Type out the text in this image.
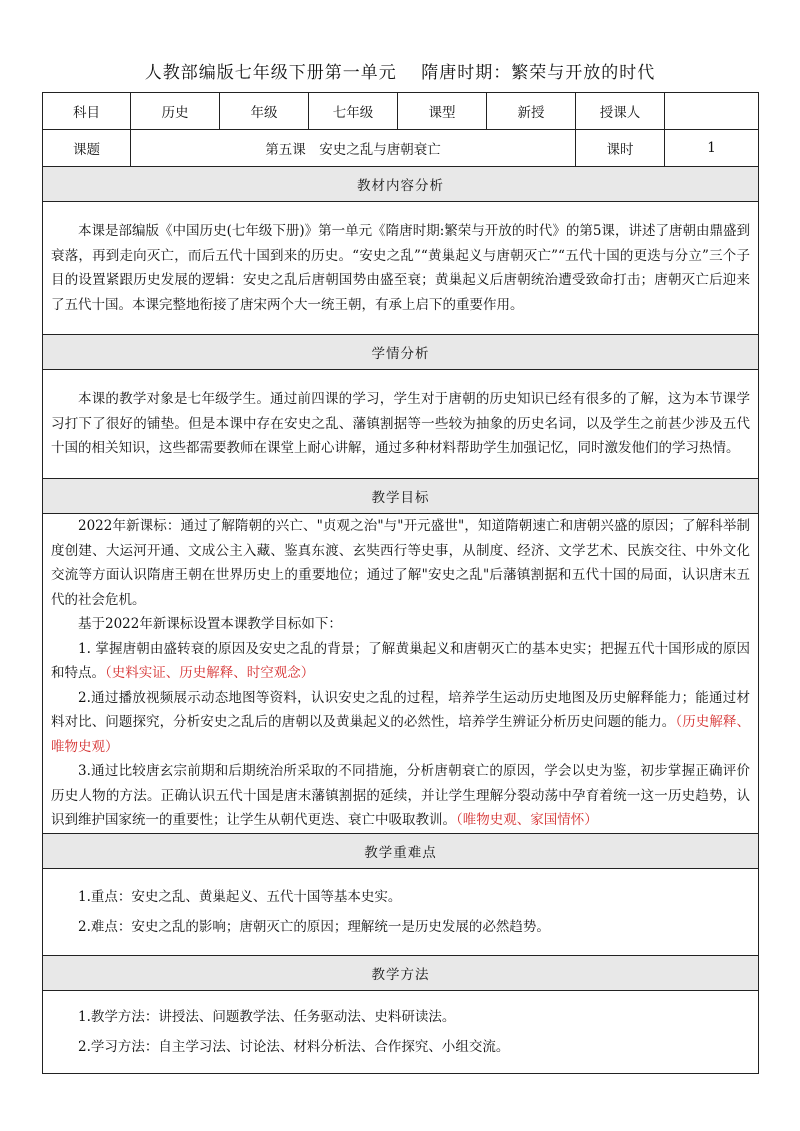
人教部编版七年级下册第一单元　 隋唐时期：繁荣与开放的时代
科目	历史	年级	七年级	课型	新授	授课人	
课题	第五课　安史之乱与唐朝衰亡					课时	1
教材内容分析							

本课是部编版《中国历史(七年级下册)》第一单元《隋唐时期:繁荣与开放的时代》的第5课，讲述了唐朝由鼎盛到衰落，再到走向灭亡，而后五代十国到来的历史。“安史之乱”“黄巢起义与唐朝灭亡”“五代十国的更迭与分立”三个子目的设置紧跟历史发展的逻辑：安史之乱后唐朝国势由盛至衰；黄巢起义后唐朝统治遭受致命打击；唐朝灭亡后迎来了五代十国。本课完整地衔接了唐宋两个大一统王朝，有承上启下的重要作用。							

学情分析							

本课的教学对象是七年级学生。通过前四课的学习，学生对于唐朝的历史知识已经有很多的了解，这为本节课学习打下了很好的铺垫。但是本课中存在安史之乱、藩镇割据等一些较为抽象的历史名词，以及学生之前甚少涉及五代十国的相关知识，这些都需要教师在课堂上耐心讲解，通过多种材料帮助学生加强记忆，同时激发他们的学习热情。							

教学目标							

2022年新课标：通过了解隋朝的兴亡、"贞观之治"与"开元盛世"，知道隋朝速亡和唐朝兴盛的原因；了解科举制度创建、大运河开通、文成公主入藏、鉴真东渡、玄奘西行等史事，从制度、经济、文学艺术、民族交往、中外文化交流等方面认识隋唐王朝在世界历史上的重要地位；通过了解"安史之乱"后藩镇割据和五代十国的局面，认识唐末五代的社会危机。

基于2022年新课标设置本课教学目标如下：

1. 掌握唐朝由盛转衰的原因及安史之乱的背景；了解黄巢起义和唐朝灭亡的基本史实；把握五代十国形成的原因和特点。（史料实证、历史解释、时空观念）

2.通过播放视频展示动态地图等资料，认识安史之乱的过程，培养学生运动历史地图及历史解释能力；能通过材料对比、问题探究，分析安史之乱后的唐朝以及黄巢起义的必然性，培养学生辨证分析历史问题的能力。（历史解释、唯物史观）

3.通过比较唐玄宗前期和后期统治所采取的不同措施，分析唐朝衰亡的原因，学会以史为鉴，初步掌握正确评价历史人物的方法。正确认识五代十国是唐末藩镇割据的延续，并让学生理解分裂动荡中孕育着统一这一历史趋势，认识到维护国家统一的重要性；让学生从朝代更迭、衰亡中吸取教训。（唯物史观、家国情怀）							

教学重难点							

1.重点：安史之乱、黄巢起义、五代十国等基本史实。

2.难点：安史之乱的影响；唐朝灭亡的原因；理解统一是历史发展的必然趋势。							

教学方法							

1.教学方法：讲授法、问题教学法、任务驱动法、史料研读法。

2.学习方法：自主学习法、讨论法、材料分析法、合作探究、小组交流。							
